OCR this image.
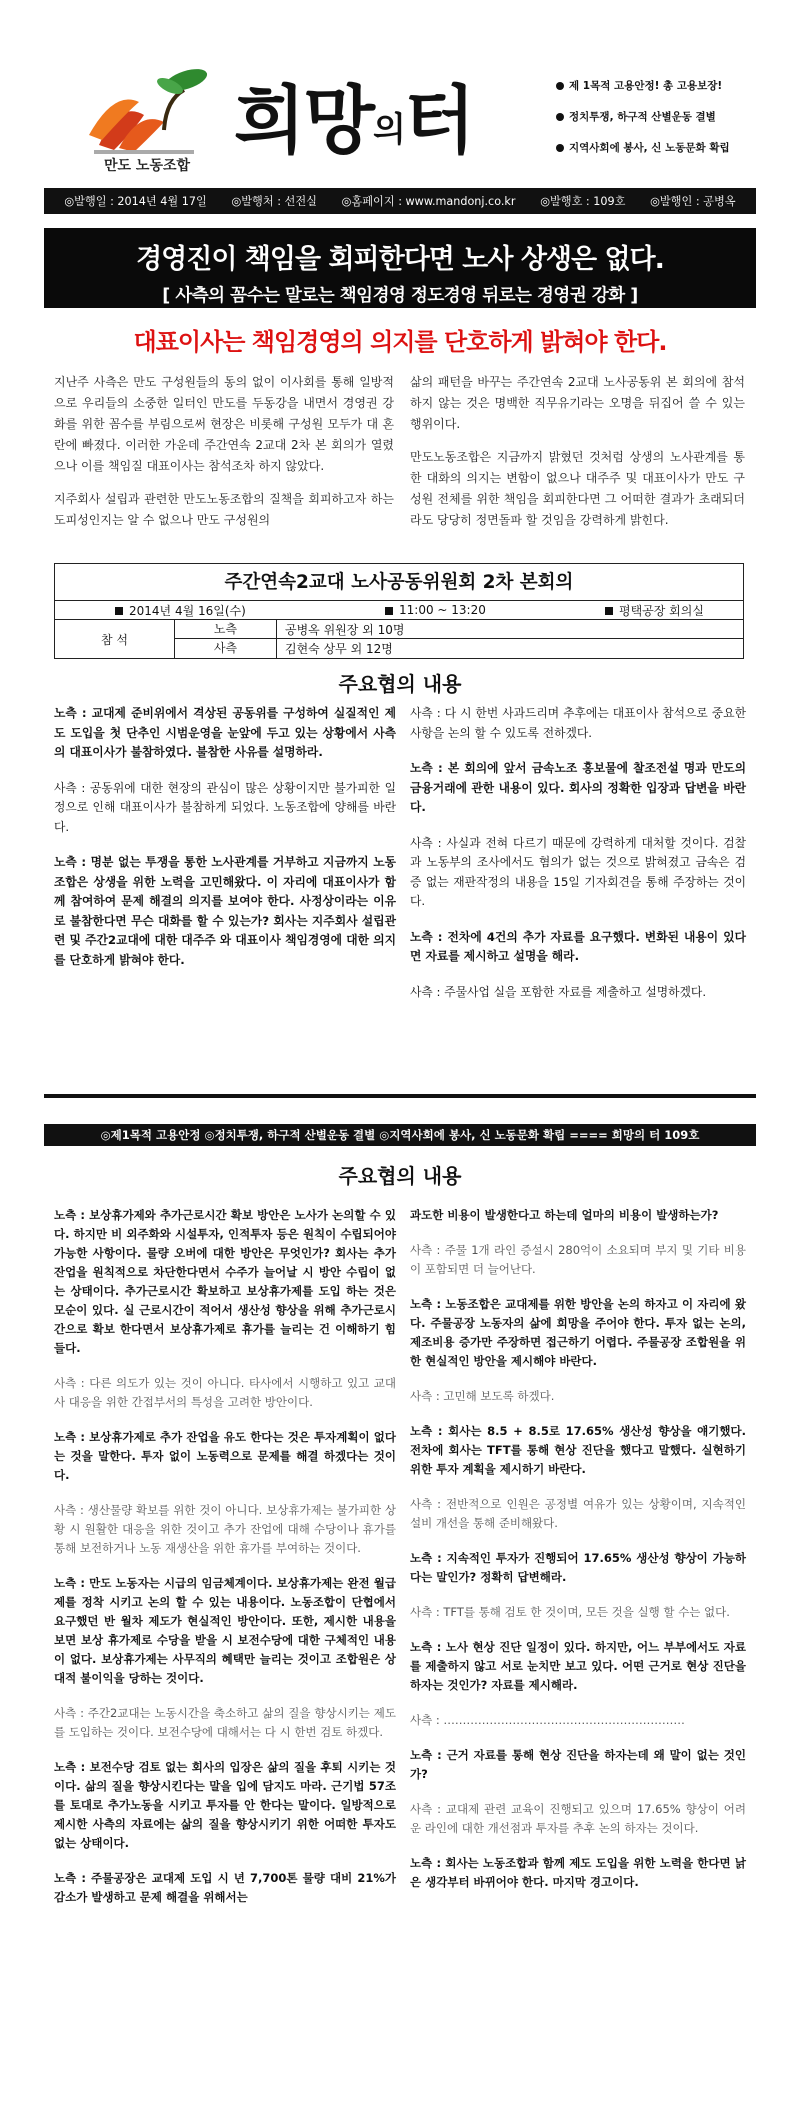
만도 노동조합
희망의터	제 1목적 고용안정! 총 고용보장!
정치투쟁, 하구적 산별운동 결별
지역사회에 봉사, 신 노동문화 확립
◎발행일 : 2014년 4월 17일 ◎발행처 : 선전실 ◎홈페이지 : www.mandonj.co.kr ◎발행호 : 109호 ◎발행인 : 공병옥
경영진이 책임을 회피한다면 노사 상생은 없다.
[ 사측의 꼼수는 말로는 책임경영 정도경영 뒤로는 경영권 강화 ]
대표이사는 책임경영의 의지를 단호하게 밝혀야 한다.

지난주 사측은 만도 구성원들의 동의 없이 이사회를 통해 일방적으로 우리들의 소중한 일터인 만도를 두동강을 내면서 경영권 강화를 위한 꼼수를 부림으로써 현장은 비롯해 구성원 모두가 대 혼란에 빠졌다. 이러한 가운데 주간연속 2교대 2차 본 회의가 열렸으나 이를 책임질 대표이사는 참석조차 하지 않았다.

지주회사 설립과 관련한 만도노동조합의 질책을 회피하고자 하는 도피성인지는 알 수 없으나 만도 구성원의

삶의 패턴을 바꾸는 주간연속 2교대 노사공동위 본 회의에 참석하지 않는 것은 명백한 직무유기라는 오명을 뒤집어 쓸 수 있는 행위이다.

만도노동조합은 지금까지 밝혔던 것처럼 상생의 노사관계를 통한 대화의 의지는 변함이 없으나 대주주 및 대표이사가 만도 구성원 전체를 위한 책임을 회피한다면 그 어떠한 결과가 초래되더라도 당당히 정면돌파 할 것임을 강력하게 밝힌다.

주간연속2교대 노사공동위원회 2차 본회의
2014년 4월 16일(수)	11:00 ~ 13:20	평택공장 회의실
참 석
노측	공병옥 위원장 외 10명
사측	김현숙 상무 외 12명
주요협의 내용

노측 : 교대제 준비위에서 격상된 공동위를 구성하여 실질적인 제도 도입을 첫 단추인 시범운영을 눈앞에 두고 있는 상황에서 사측의 대표이사가 불참하였다. 불참한 사유를 설명하라.

사측 : 공동위에 대한 현장의 관심이 많은 상황이지만 불가피한 일정으로 인해 대표이사가 불참하게 되었다. 노동조합에 양해를 바란다.

노측 : 명분 없는 투쟁을 통한 노사관계를 거부하고 지금까지 노동조합은 상생을 위한 노력을 고민해왔다. 이 자리에 대표이사가 함께 참여하여 문제 해결의 의지를 보여야 한다. 사정상이라는 이유로 불참한다면 무슨 대화를 할 수 있는가? 회사는 지주회사 설립관련 및 주간2교대에 대한 대주주 와 대표이사 책임경영에 대한 의지를 단호하게 밝혀야 한다.

사측 : 다 시 한번 사과드리며 추후에는 대표이사 참석으로 중요한 사항을 논의 할 수 있도록 전하겠다.

노측 : 본 회의에 앞서 금속노조 홍보물에 찰조전설 명과 만도의 금융거래에 관한 내용이 있다. 회사의 정확한 입장과 답변을 바란다.

사측 : 사실과 전혀 다르기 때문에 강력하게 대처할 것이다. 검찰과 노동부의 조사에서도 혐의가 없는 것으로 밝혀졌고 금속은 검증 없는 재판작정의 내용을 15일 기자회견을 통해 주장하는 것이다.

노측 : 전차에 4건의 추가 자료를 요구했다. 변화된 내용이 있다면 자료를 제시하고 설명을 해라.

사측 : 주물사업 실을 포함한 자료를 제출하고 설명하겠다.

◎제1목적 고용안정 ◎정치투쟁, 하구적 산별운동 결별 ◎지역사회에 봉사, 신 노동문화 확립 ==== 희망의 터 109호
주요협의 내용

노측 : 보상휴가제와 추가근로시간 확보 방안은 노사가 논의할 수 있다. 하지만 비 외주화와 시설투자, 인적투자 등은 원칙이 수립되어야 가능한 사항이다. 물량 오버에 대한 방안은 무엇인가? 회사는 추가 잔업을 원칙적으로 차단한다면서 수주가 늘어날 시 방안 수립이 없는 상태이다. 추가근로시간 확보하고 보상휴가제를 도입 하는 것은 모순이 있다. 실 근로시간이 적어서 생산성 향상을 위해 추가근로시간으로 확보 한다면서 보상휴가제로 휴가를 늘리는 건 이해하기 힘들다.

사측 : 다른 의도가 있는 것이 아니다. 타사에서 시행하고 있고 교대사 대응을 위한 간접부서의 특성을 고려한 방안이다.

노측 : 보상휴가제로 추가 잔업을 유도 한다는 것은 투자계획이 없다는 것을 말한다. 투자 없이 노동력으로 문제를 해결 하겠다는 것이다.

사측 : 생산물량 확보를 위한 것이 아니다. 보상휴가제는 불가피한 상황 시 원활한 대응을 위한 것이고 추가 잔업에 대해 수당이나 휴가를 통해 보전하거나 노동 재생산을 위한 휴가를 부여하는 것이다.

노측 : 만도 노동자는 시급의 임금체계이다. 보상휴가제는 완전 월급제를 정착 시키고 논의 할 수 있는 내용이다. 노동조합이 단협에서 요구했던 반 월차 제도가 현실적인 방안이다. 또한, 제시한 내용을 보면 보상 휴가제로 수당을 받을 시 보전수당에 대한 구체적인 내용이 없다. 보상휴가제는 사무직의 혜택만 늘리는 것이고 조합원은 상대적 불이익을 당하는 것이다.

사측 : 주간2교대는 노동시간을 축소하고 삶의 질을 향상시키는 제도를 도입하는 것이다. 보전수당에 대해서는 다 시 한번 검토 하겠다.

노측 : 보전수당 검토 없는 회사의 입장은 삶의 질을 후퇴 시키는 것이다. 삶의 질을 향상시킨다는 말을 입에 담지도 마라. 근기법 57조를 토대로 추가노동을 시키고 투자를 안 한다는 말이다. 일방적으로 제시한 사측의 자료에는 삶의 질을 향상시키기 위한 어떠한 투자도 없는 상태이다.

노측 : 주물공장은 교대제 도입 시 년 7,700톤 물량 대비 21%가 감소가 발생하고 문제 해결을 위해서는

과도한 비용이 발생한다고 하는데 얼마의 비용이 발생하는가?

사측 : 주물 1개 라인 증설시 280억이 소요되며 부지 및 기타 비용이 포함되면 더 늘어난다.

노측 : 노동조합은 교대제를 위한 방안을 논의 하자고 이 자리에 왔다. 주물공장 노동자의 삶에 희망을 주어야 한다. 투자 없는 논의, 제조비용 증가만 주장하면 접근하기 어렵다. 주물공장 조합원을 위한 현실적인 방안을 제시해야 바란다.

사측 : 고민해 보도록 하겠다.

노측 : 회사는 8.5 + 8.5로 17.65% 생산성 향상을 얘기했다. 전차에 회사는 TFT를 통해 현상 진단을 했다고 말했다. 실현하기 위한 투자 계획을 제시하기 바란다.

사측 : 전반적으로 인원은 공정별 여유가 있는 상황이며, 지속적인 설비 개선을 통해 준비해왔다.

노측 : 지속적인 투자가 진행되어 17.65% 생산성 향상이 가능하다는 말인가? 정확히 답변해라.

사측 : TFT를 통해 검토 한 것이며, 모든 것을 실행 할 수는 없다.

노측 : 노사 현상 진단 일정이 있다. 하지만, 어느 부부에서도 자료를 제출하지 않고 서로 눈치만 보고 있다. 어떤 근거로 현상 진단을 하자는 것인가? 자료를 제시해라.

사측 : ………………………………………………………

노측 : 근거 자료를 통해 현상 진단을 하자는데 왜 말이 없는 것인가?

사측 : 교대제 관련 교육이 진행되고 있으며 17.65% 향상이 어려운 라인에 대한 개선점과 투자를 추후 논의 하자는 것이다.

노측 : 회사는 노동조합과 함께 제도 도입을 위한 노력을 한다면 낡은 생각부터 바뀌어야 한다. 마지막 경고이다.
